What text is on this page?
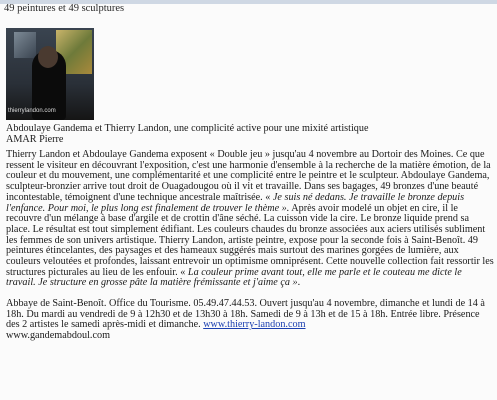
49 peintures et 49 sculptures
thierrylandon.com

Abdoulaye Gandema et Thierry Landon, une complicité active pour une mixité artistique

AMAR Pierre

Thierry Landon et Abdoulaye Gandema exposent « Double jeu » jusqu'au 4 novembre au Dortoir des Moines. Ce que ressent le visiteur en découvrant l'exposition, c'est une harmonie d'ensemble à la recherche de la matière émotion, de la couleur et du mouvement, une complémentarité et une complicité entre le peintre et le sculpteur. Abdoulaye Gandema, sculpteur-bronzier arrive tout droit de Ouagadougou où il vit et travaille. Dans ses bagages, 49 bronzes d'une beauté incontestable, témoignent d'une technique ancestrale maîtrisée. « Je suis né dedans. Je travaille le bronze depuis l'enfance. Pour moi, le plus long est finalement de trouver le thème ». Après avoir modelé un objet en cire, il le recouvre d'un mélange à base d'argile et de crottin d'âne séché. La cuisson vide la cire. Le bronze liquide prend sa place. Le résultat est tout simplement édifiant. Les couleurs chaudes du bronze associées aux aciers utilisés subliment les femmes de son univers artistique. Thierry Landon, artiste peintre, expose pour la seconde fois à Saint-Benoît. 49 peintures étincelantes, des paysages et des hameaux suggérés mais surtout des marines gorgées de lumière, aux couleurs veloutées et profondes, laissant entrevoir un optimisme omniprésent. Cette nouvelle collection fait ressortir les structures picturales au lieu de les enfouir. « La couleur prime avant tout, elle me parle et le couteau me dicte le travail. Je structure en grosse pâte la matière frémissante et j'aime ça ».

Abbaye de Saint-Benoît. Office du Tourisme. 05.49.47.44.53. Ouvert jusqu'au 4 novembre, dimanche et lundi de 14 à 18h. Du mardi au vendredi de 9 à 12h30 et de 13h30 à 18h. Samedi de 9 à 13h et de 15 à 18h. Entrée libre. Présence des 2 artistes le samedi après-midi et dimanche. www.thierry-landon.com
www.gandemabdoul.com
